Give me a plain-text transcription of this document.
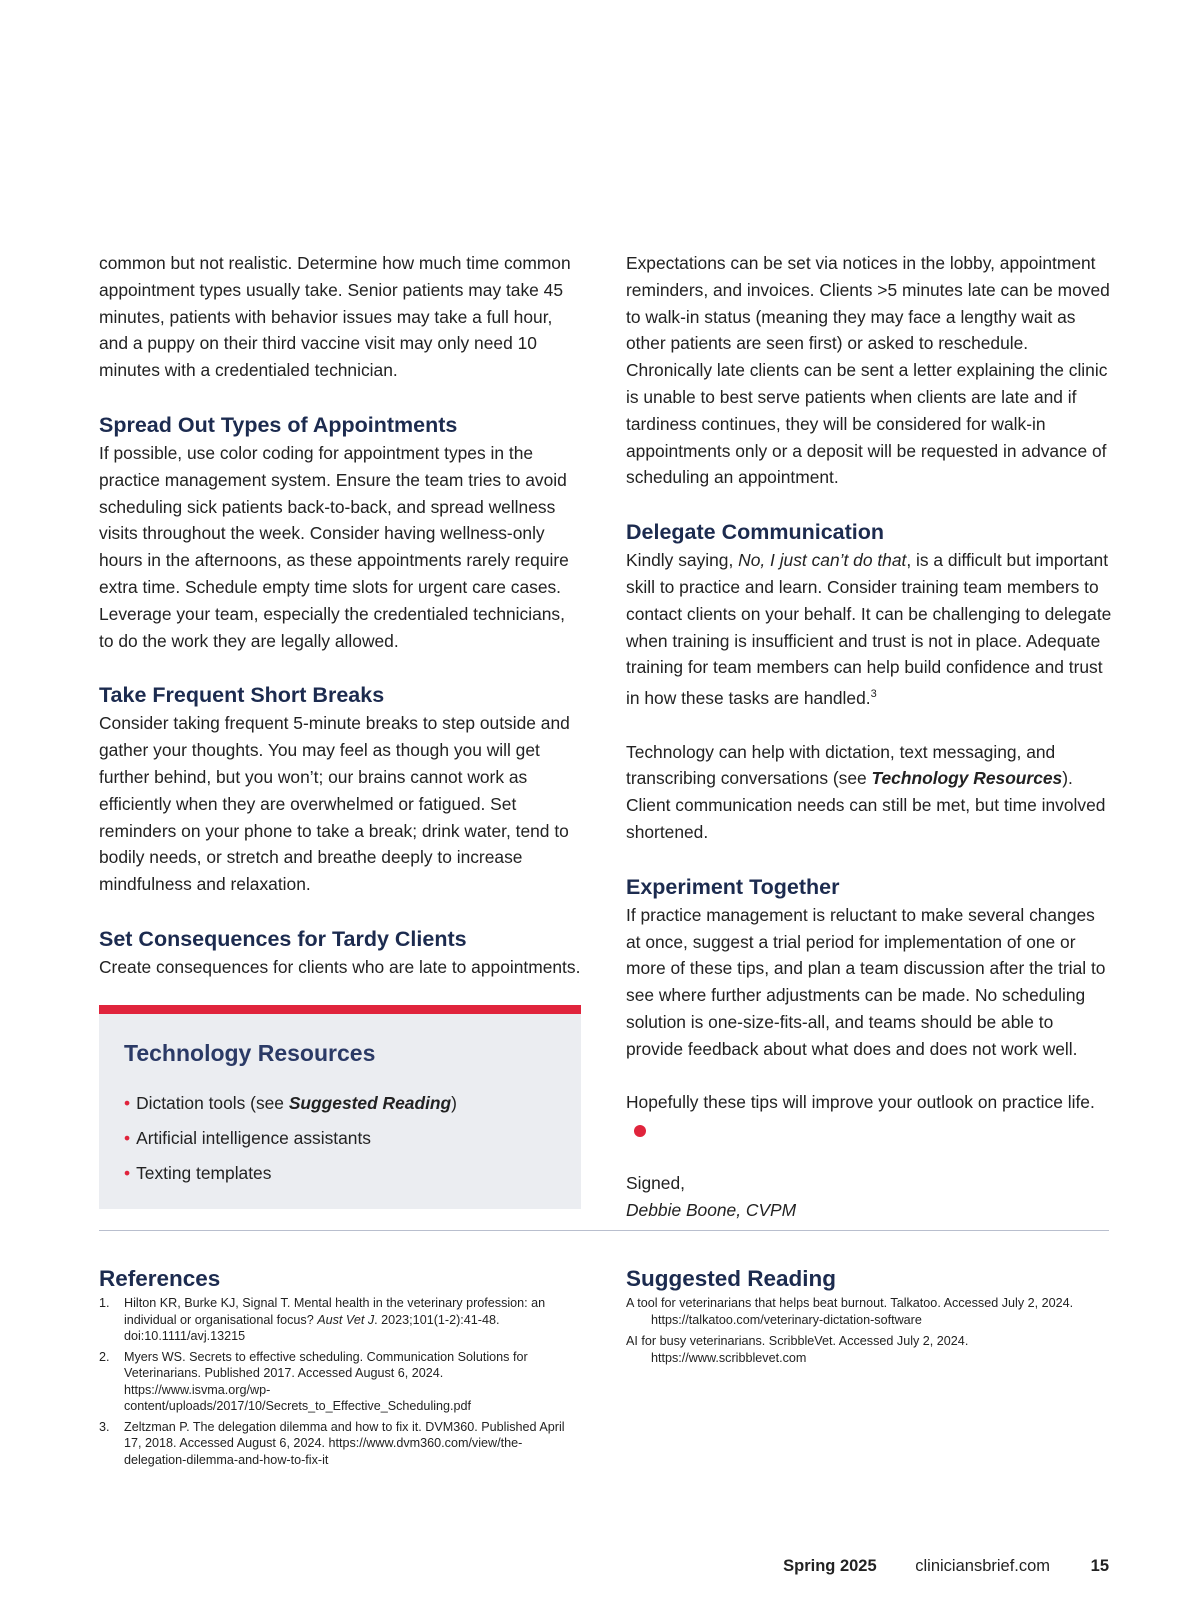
common but not realistic. Determine how much time common appointment types usually take. Senior patients may take 45 minutes, patients with behavior issues may take a full hour, and a puppy on their third vaccine visit may only need 10 minutes with a credentialed technician.

Spread Out Types of Appointments

If possible, use color coding for appointment types in the practice management system. Ensure the team tries to avoid scheduling sick patients back-to-back, and spread wellness visits throughout the week. Consider having wellness-only hours in the afternoons, as these appointments rarely require extra time. Schedule empty time slots for urgent care cases. Leverage your team, especially the credentialed technicians, to do the work they are legally allowed.

Take Frequent Short Breaks

Consider taking frequent 5-minute breaks to step outside and gather your thoughts. You may feel as though you will get further behind, but you won’t; our brains cannot work as efficiently when they are overwhelmed or fatigued. Set reminders on your phone to take a break; drink water, tend to bodily needs, or stretch and breathe deeply to increase mindfulness and relaxation.

Set Consequences for Tardy Clients

Create consequences for clients who are late to appointments.

Technology Resources
• Dictation tools (see Suggested Reading)
• Artificial intelligence assistants
• Texting templates

Expectations can be set via notices in the lobby, appointment reminders, and invoices. Clients >5 minutes late can be moved to walk-in status (meaning they may face a lengthy wait as other patients are seen first) or asked to reschedule. Chronically late clients can be sent a letter explaining the clinic is unable to best serve patients when clients are late and if tardiness continues, they will be considered for walk-in appointments only or a deposit will be requested in advance of scheduling an appointment.

Delegate Communication

Kindly saying, No, I just can’t do that, is a difficult but important skill to practice and learn. Consider training team members to contact clients on your behalf. It can be challenging to delegate when training is insufficient and trust is not in place. Adequate training for team members can help build confidence and trust in how these tasks are handled.$^3$

Technology can help with dictation, text messaging, and transcribing conversations (see Technology Resources). Client communication needs can still be met, but time involved shortened.

Experiment Together

If practice management is reluctant to make several changes at once, suggest a trial period for implementation of one or more of these tips, and plan a team discussion after the trial to see where further adjustments can be made. No scheduling solution is one-size-fits-all, and teams should be able to provide feedback about what does and does not work well.

Hopefully these tips will improve your outlook on practice life.

Signed,

Debbie Boone, CVPM

References
1. Hilton KR, Burke KJ, Signal T. Mental health in the veterinary profession: an individual or organisational focus? Aust Vet J. 2023;101(1-2):41-48. doi:10.1111/avj.13215
2. Myers WS. Secrets to effective scheduling. Communication Solutions for Veterinarians. Published 2017. Accessed August 6, 2024. https://www.isvma.org/wp-content/uploads/2017/10/Secrets_to_Effective_Scheduling.pdf
3. Zeltzman P. The delegation dilemma and how to fix it. DVM360. Published April 17, 2018. Accessed August 6, 2024. https://www.dvm360.com/view/the-delegation-dilemma-and-how-to-fix-it
Suggested Reading
A tool for veterinarians that helps beat burnout. Talkatoo. Accessed July 2, 2024. https://talkatoo.com/veterinary-dictation-software
AI for busy veterinarians. ScribbleVet. Accessed July 2, 2024. https://www.scribblevet.com
Spring 2025 cliniciansbrief.com 15
